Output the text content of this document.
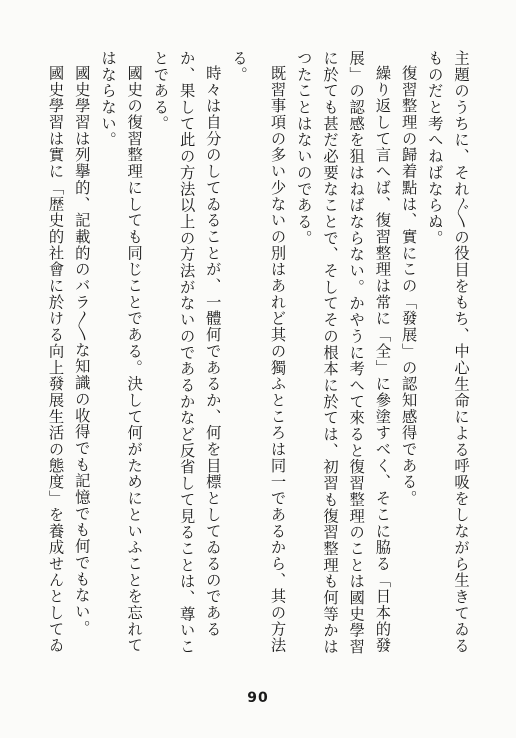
主題のうちに、それ〴〵の役目をもち、中心生命による呼吸をしながら生きてゐるものだと考へねばならぬ。

復習整理の歸着點は、實にこの「發展」の認知感得である。

繰り返して言へば、復習整理は常に「全」に參塗すべく、そこに脇る「日本的發展」の認感を狙はねばならない。かやうに考へて來ると復習整理のことは國史學習に於ても甚だ必要なことで、そしてその根本に於ては、初習も復習整理も何等かはつたことはないのである。

既習事項の多い少ないの別はあれど其の獨ふところは同一であるから、其の方法

る。

時々は自分のしてゐることが、一體何であるか、何を目標としてゐるのであるか、果して此の方法以上の方法がないのであるかなど反省して見ることは、尊いことである。

國史の復習整理にしても同じことである。決して何がためにといふことを忘れてはならない。

國史學習は列擧的、記載的のバラ〳〵な知識の收得でも記憶でも何でもない。

國史學習は實に「歴史的社會に於ける向上發展生活の態度」を養成せんとしてゐ

90
